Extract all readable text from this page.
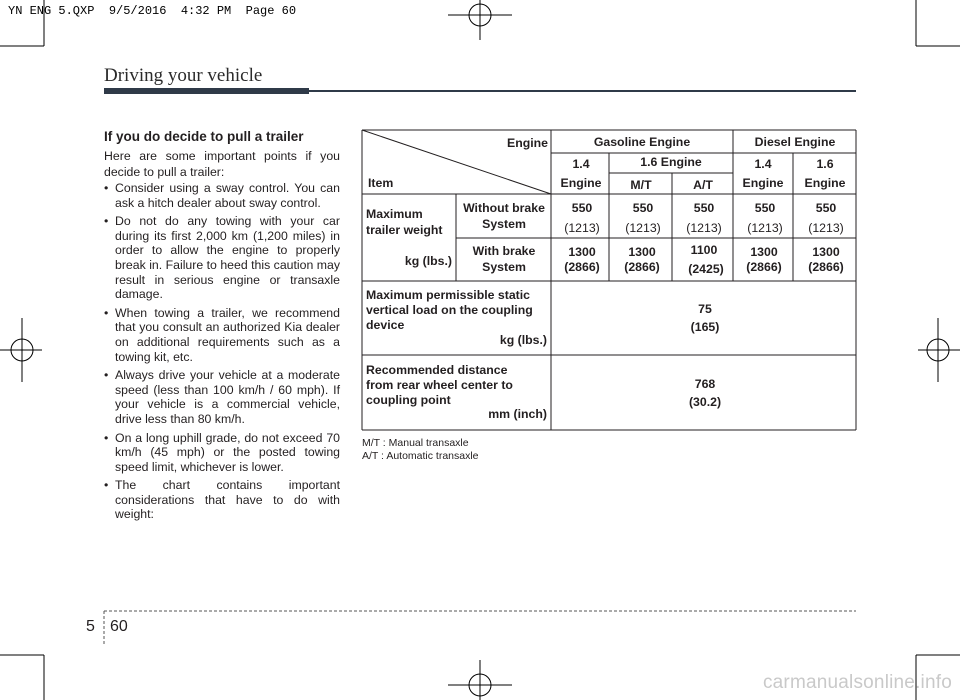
YN ENG 5.QXP  9/5/2016  4:32 PM  Page 60
Driving your vehicle
If you do decide to pull a trailer
Here are some important points if you decide to pull a trailer:
• Consider using a sway control. You can ask a hitch dealer about sway control.
• Do not do any towing with your car during its first 2,000 km (1,200 miles) in order to allow the engine to properly break in. Failure to heed this caution may result in serious engine or transaxle damage.
• When towing a trailer, we recommend that you consult an authorized Kia dealer on additional requirements such as a towing kit, etc.
• Always drive your vehicle at a moderate speed (less than 100 km/h / 60 mph). If your vehicle is a commercial vehicle, drive less than 80 km/h.
• On a long uphill grade, do not exceed 70 km/h (45 mph) or the posted towing speed limit, whichever is lower.
• The chart contains important considerations that have to do with weight:
Engine
Item
Gasoline Engine	Diesel Engine
1.4
Engine
1.6 Engine
M/T	A/T
1.4
Engine
1.6
Engine
Maximum
trailer weight
kg (lbs.)
Without brake
System
With brake
System
550
(1213)
550
(1213)
550
(1213)
550
(1213)
550
(1213)
1300
(2866)
1300
(2866)
1100
(2425)
1300
(2866)
1300
(2866)
Maximum permissible static
vertical load on the coupling
device
kg (lbs.)
75
(165)
Recommended distance
from rear wheel center to
coupling point
mm (inch)
768
(30.2)
M/T : Manual transaxle
A/T : Automatic transaxle
5 60
carmanualsonline.info
